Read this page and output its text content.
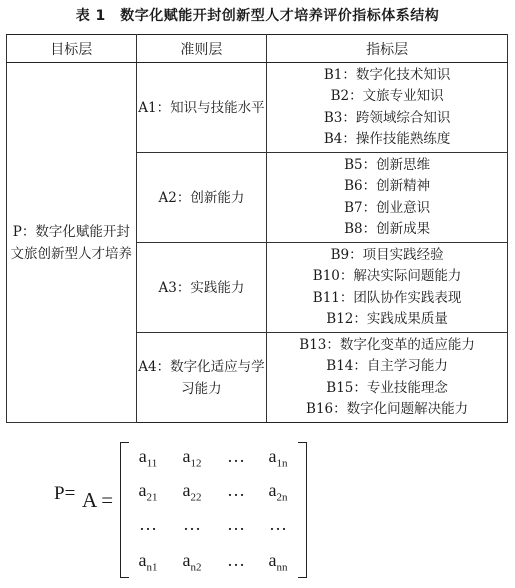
表 1　数字化赋能开封创新型人才培养评价指标体系结构
目标层	准则层	指标层
P：数字化赋能开封文旅创新型人才培养	A1：知识与技能水平	B1：数字化技术知识
B2：文旅专业知识
B3：跨领域综合知识
B4：操作技能熟练度

	A2：创新能力	B5：创新思维
B6：创新精神
B7：创业意识
B8：创新成果

	A3：实践能力	B9：项目实践经验
B10：解决实际问题能力
B11：团队协作实践表现
B12：实践成果质量

	A4：数字化适应与学习能力	B13：数字化变革的适应能力
B14：自主学习能力
B15：专业技能理念
B16：数字化问题解决能力
P= A =
$a_{11}$	$a_{12}$	…	$a_{1n}$
$a_{21}$	$a_{22}$	…	$a_{2n}$
…	…	…	…
$a_{n1}$	$a_{n2}$	…	$a_{nn}$
